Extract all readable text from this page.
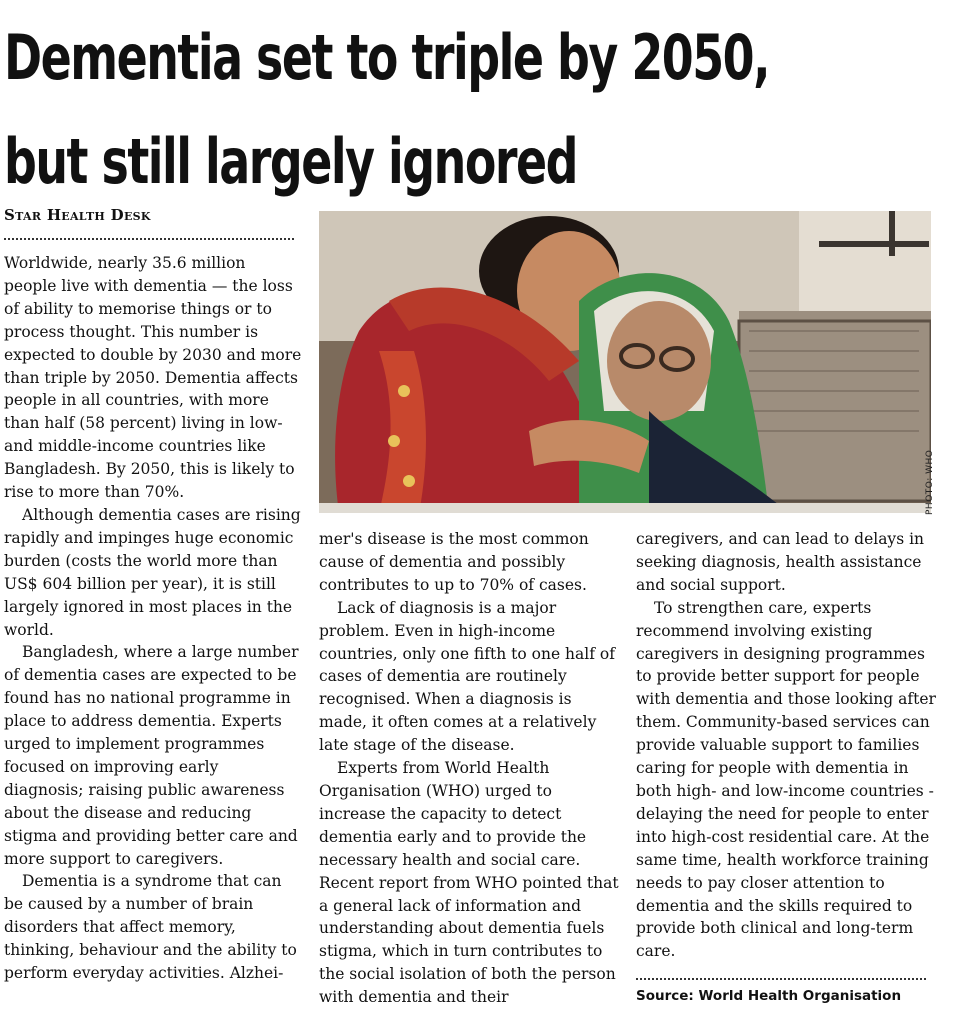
Dementia set to triple by 2050,
but still largely ignored
Star Health Desk

Worldwide, nearly 35.6 million people live with dementia — the loss of ability to memorise things or to process thought. This number is expected to double by 2030 and more than triple by 2050. Dementia affects people in all countries, with more than half (58 percent) living in low- and middle-income countries like Bangladesh. By 2050, this is likely to rise to more than 70%.

Although dementia cases are rising rapidly and impinges huge economic burden (costs the world more than US$ 604 billion per year), it is still largely ignored in most places in the world.

Bangladesh, where a large number of dementia cases are expected to be found has no national programme in place to address dementia. Experts urged to implement programmes focused on improving early diagnosis; raising public awareness about the disease and reducing stigma and providing better care and more support to caregivers.

Dementia is a syndrome that can be caused by a number of brain disorders that affect memory, thinking, behaviour and the ability to perform everyday activities. Alzhei-

PHOTO: WHO

mer's disease is the most common cause of dementia and possibly contributes to up to 70% of cases.

Lack of diagnosis is a major problem. Even in high-income countries, only one fifth to one half of cases of dementia are routinely recognised. When a diagnosis is made, it often comes at a relatively late stage of the disease.

Experts from World Health Organisation (WHO) urged to increase the capacity to detect dementia early and to provide the necessary health and social care. Recent report from WHO pointed that a general lack of information and understanding about dementia fuels stigma, which in turn contributes to the social isolation of both the person with dementia and their

caregivers, and can lead to delays in seeking diagnosis, health assistance and social support.

To strengthen care, experts recommend involving existing caregivers in designing programmes to provide better support for people with dementia and those looking after them. Community-based services can provide valuable support to families caring for people with dementia in both high- and low-income countries - delaying the need for people to enter into high-cost residential care. At the same time, health workforce training needs to pay closer attention to dementia and the skills required to provide both clinical and long-term care.

Source: World Health Organisation
